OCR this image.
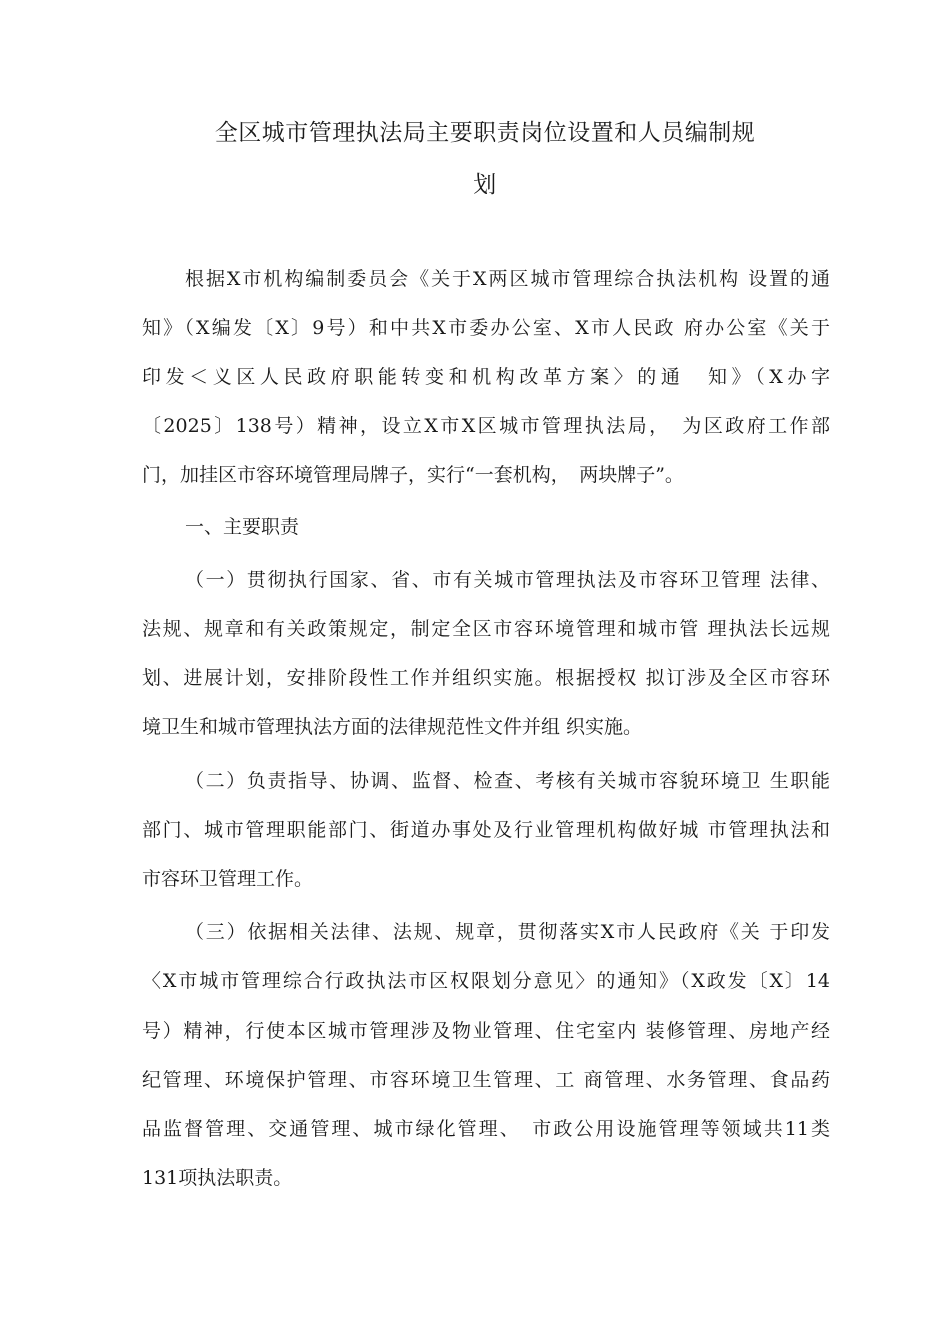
全区城市管理执法局主要职责岗位设置和人员编制规
划
根据X市机构编制委员会《关于X两区城市管理综合执法机构 设置的通
知》（X编发〔X〕9号）和中共X市委办公室、X市人民政 府办公室《关于
印发＜义区人民政府职能转变和机构改革方案〉的通　知》（X办字
〔2025〕138号）精神，设立X市X区城市管理执法局，　为区政府工作部
门，加挂区市容环境管理局牌子，实行“一套机构，　两块牌子”。
一、主要职责
（一）贯彻执行国家、省、市有关城市管理执法及市容环卫管理 法律、
法规、规章和有关政策规定，制定全区市容环境管理和城市管 理执法长远规
划、进展计划，安排阶段性工作并组织实施。根据授权 拟订涉及全区市容环
境卫生和城市管理执法方面的法律规范性文件并组 织实施。
（二）负责指导、协调、监督、检查、考核有关城市容貌环境卫 生职能
部门、城市管理职能部门、街道办事处及行业管理机构做好城 市管理执法和
市容环卫管理工作。
（三）依据相关法律、法规、规章，贯彻落实X市人民政府《关 于印发
〈X市城市管理综合行政执法市区权限划分意见〉的通知》（X政发〔X〕14
号）精神，行使本区城市管理涉及物业管理、住宅室内 装修管理、房地产经
纪管理、环境保护管理、市容环境卫生管理、工 商管理、水务管理、食品药
品监督管理、交通管理、城市绿化管理、　市政公用设施管理等领域共11类
131项执法职责。
